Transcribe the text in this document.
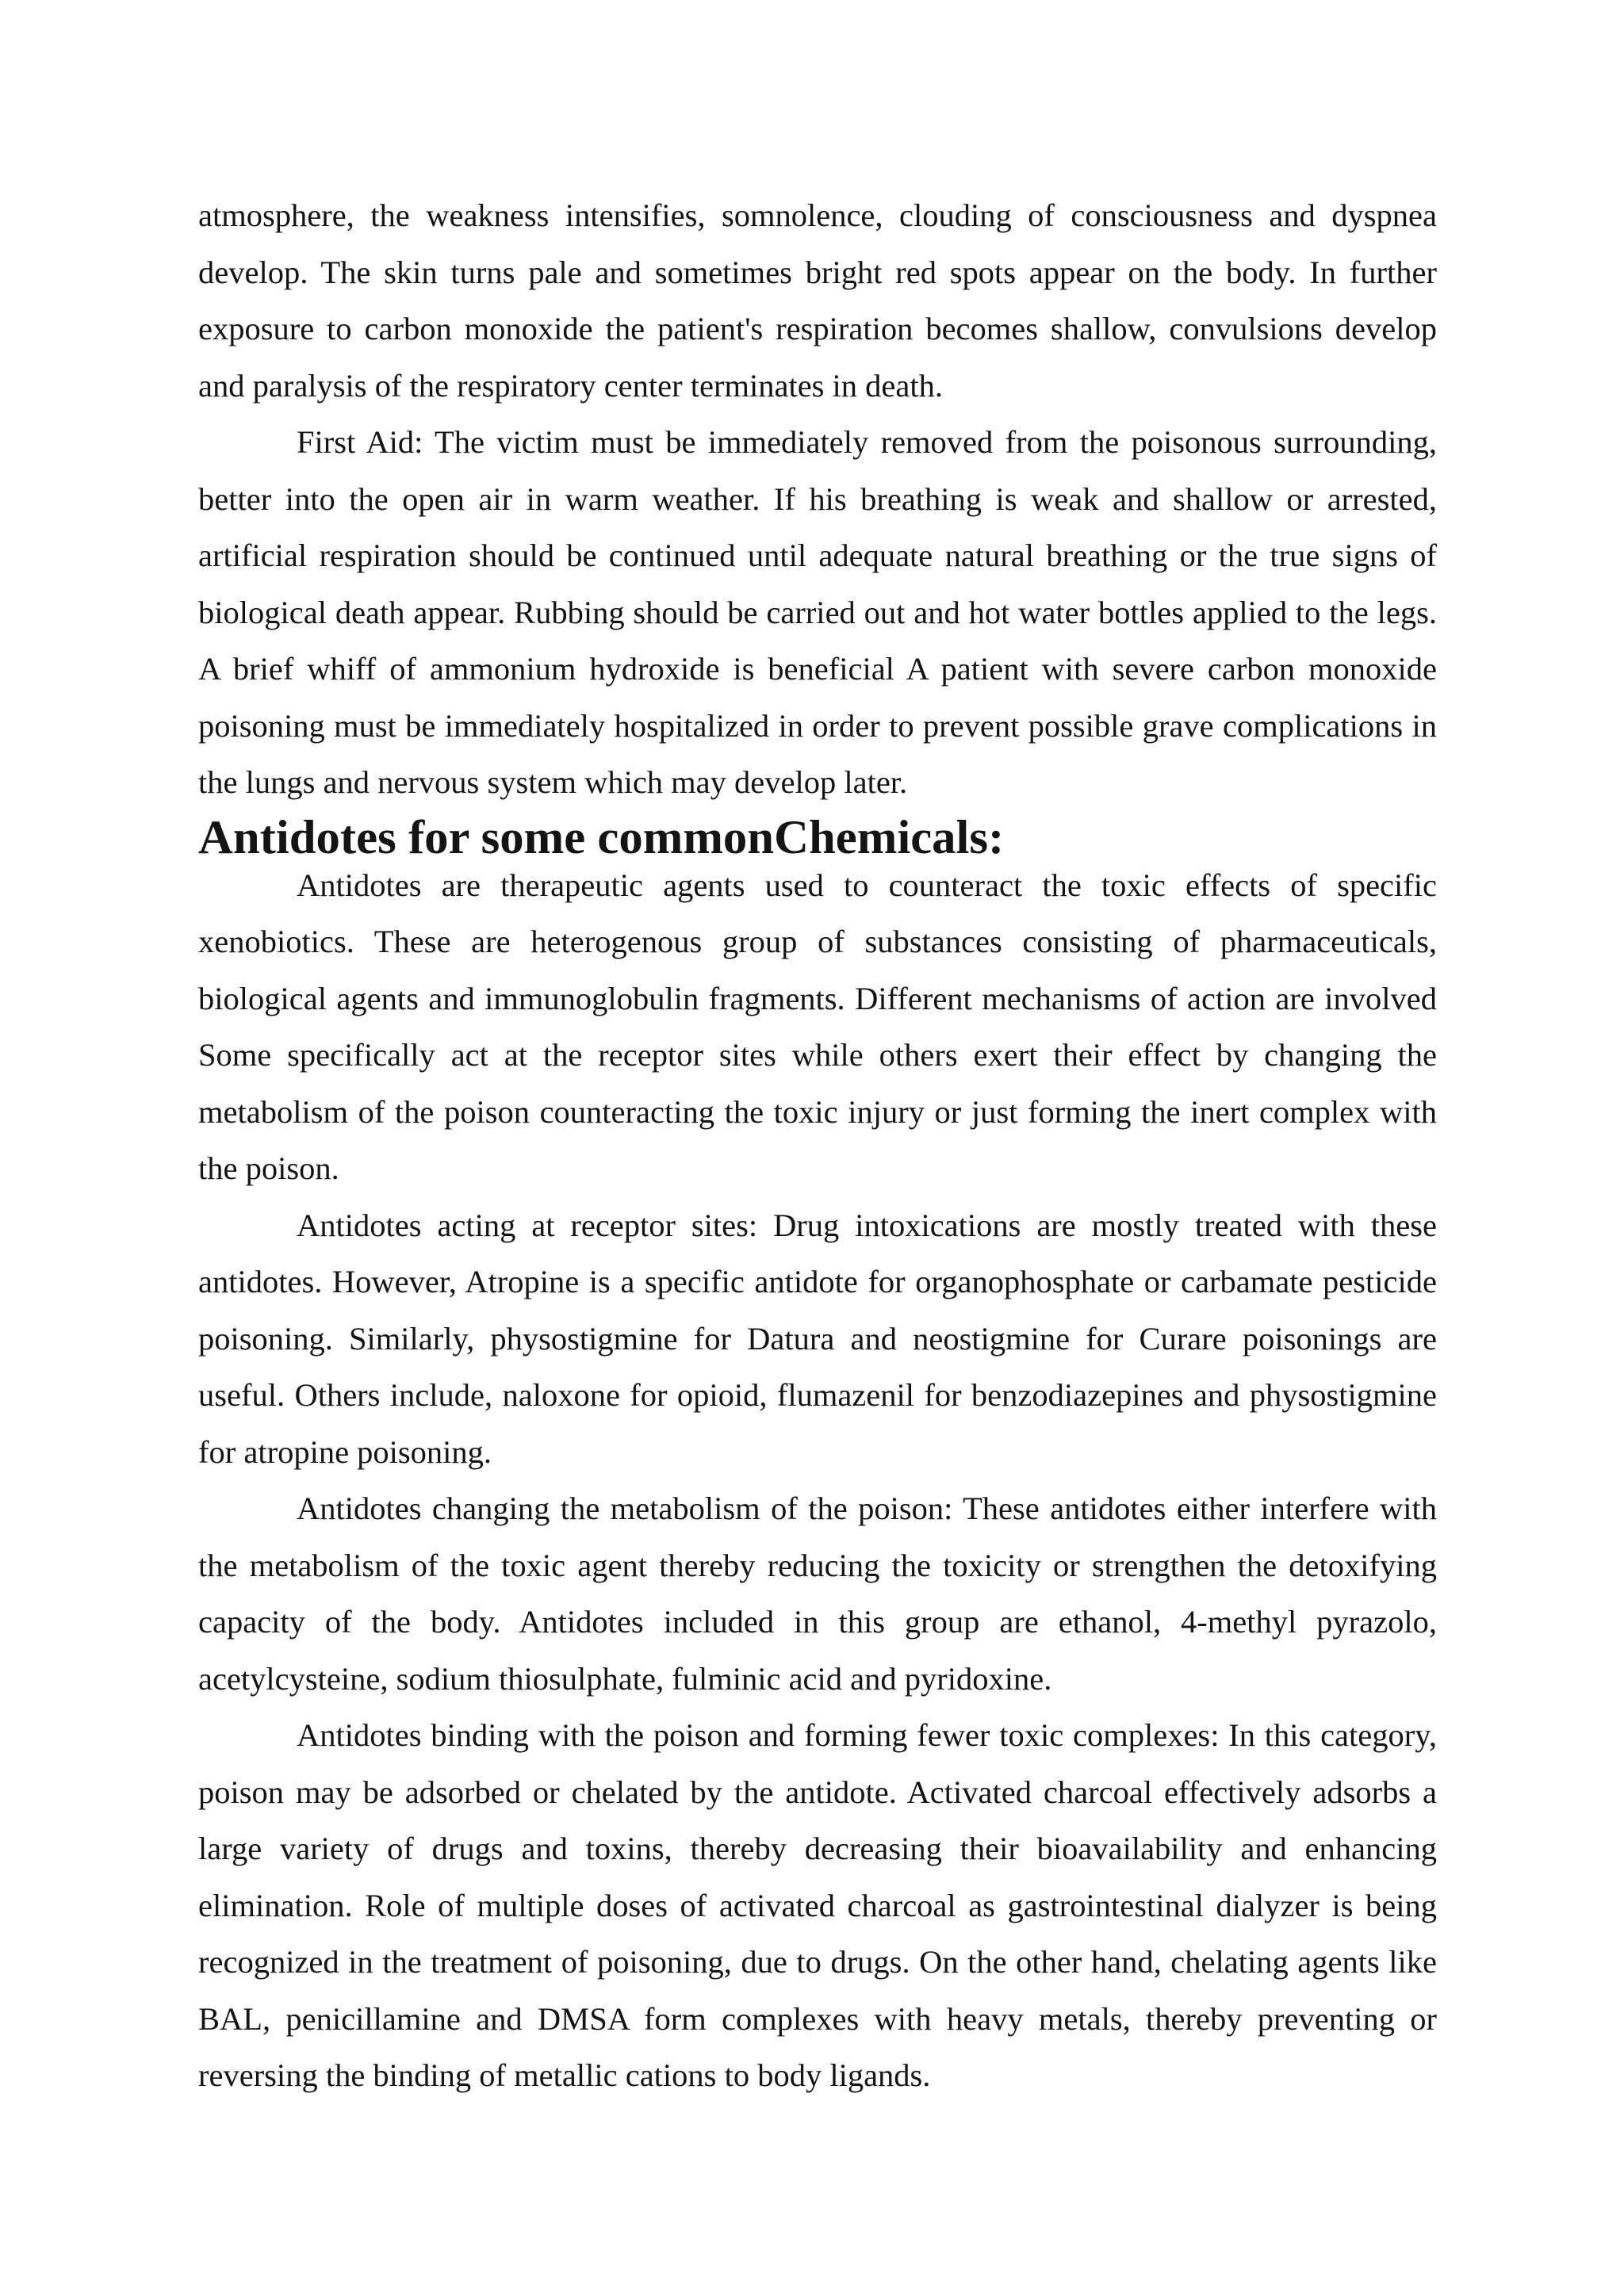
atmosphere, the weakness intensifies, somnolence, clouding of consciousness and dyspnea develop. The skin turns pale and sometimes bright red spots appear on the body. In further exposure to carbon monoxide the patient's respiration becomes shallow, convulsions develop and paralysis of the respiratory center terminates in death.

First Aid: The victim must be immediately removed from the poisonous surrounding, better into the open air in warm weather. If his breathing is weak and shallow or arrested, artificial respiration should be continued until adequate natural breathing or the true signs of biological death appear. Rubbing should be carried out and hot water bottles applied to the legs. A brief whiff of ammonium hydroxide is beneficial A patient with severe carbon monoxide poisoning must be immediately hospitalized in order to prevent possible grave complications in the lungs and nervous system which may develop later.

Antidotes for some commonChemicals:

Antidotes are therapeutic agents used to counteract the toxic effects of specific xenobiotics. These are heterogenous group of substances consisting of pharmaceuticals, biological agents and immunoglobulin fragments. Different mechanisms of action are involved Some specifically act at the receptor sites while others exert their effect by changing the metabolism of the poison counteracting the toxic injury or just forming the inert complex with the poison.

Antidotes acting at receptor sites: Drug intoxications are mostly treated with these antidotes. However, Atropine is a specific antidote for organophosphate or carbamate pesticide poisoning. Similarly, physostigmine for Datura and neostigmine for Curare poisonings are useful. Others include, naloxone for opioid, flumazenil for benzodiazepines and physostigmine for atropine poisoning.

Antidotes changing the metabolism of the poison: These antidotes either interfere with the metabolism of the toxic agent thereby reducing the toxicity or strengthen the detoxifying capacity of the body. Antidotes included in this group are ethanol, 4-methyl pyrazolo, acetylcysteine, sodium thiosulphate, fulminic acid and pyridoxine.

Antidotes binding with the poison and forming fewer toxic complexes: In this category, poison may be adsorbed or chelated by the antidote. Activated charcoal effectively adsorbs a large variety of drugs and toxins, thereby decreasing their bioavailability and enhancing elimination. Role of multiple doses of activated charcoal as gastrointestinal dialyzer is being recognized in the treatment of poisoning, due to drugs. On the other hand, chelating agents like BAL, penicillamine and DMSA form complexes with heavy metals, thereby preventing or reversing the binding of metallic cations to body ligands.
